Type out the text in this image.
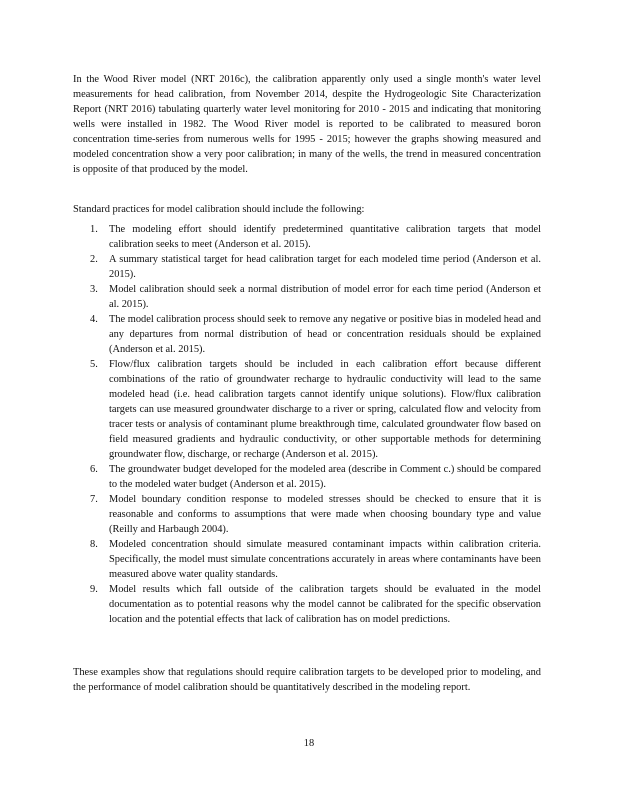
In the Wood River model (NRT 2016c), the calibration apparently only used a single month's water level measurements for head calibration, from November 2014, despite the Hydrogeologic Site Characterization Report (NRT 2016) tabulating quarterly water level monitoring for 2010 - 2015 and indicating that monitoring wells were installed in 1982. The Wood River model is reported to be calibrated to measured boron concentration time-series from numerous wells for 1995 - 2015; however the graphs showing measured and modeled concentration show a very poor calibration; in many of the wells, the trend in measured concentration is opposite of that produced by the model.

Standard practices for model calibration should include the following:

1.	The modeling effort should identify predetermined quantitative calibration targets that model calibration seeks to meet (Anderson et al. 2015).
2.	A summary statistical target for head calibration target for each modeled time period (Anderson et al. 2015).
3.	Model calibration should seek a normal distribution of model error for each time period (Anderson et al. 2015).
4.	The model calibration process should seek to remove any negative or positive bias in modeled head and any departures from normal distribution of head or concentration residuals should be explained (Anderson et al. 2015).
5.	Flow/flux calibration targets should be included in each calibration effort because different combinations of the ratio of groundwater recharge to hydraulic conductivity will lead to the same modeled head (i.e. head calibration targets cannot identify unique solutions). Flow/flux calibration targets can use measured groundwater discharge to a river or spring, calculated flow and velocity from tracer tests or analysis of contaminant plume breakthrough time, calculated groundwater flow based on field measured gradients and hydraulic conductivity, or other supportable methods for determining groundwater flow, discharge, or recharge (Anderson et al. 2015).
6.	The groundwater budget developed for the modeled area (describe in Comment c.) should be compared to the modeled water budget (Anderson et al. 2015).
7.	Model boundary condition response to modeled stresses should be checked to ensure that it is reasonable and conforms to assumptions that were made when choosing boundary type and value (Reilly and Harbaugh 2004).
8.	Modeled concentration should simulate measured contaminant impacts within calibration criteria. Specifically, the model must simulate concentrations accurately in areas where contaminants have been measured above water quality standards.
9.	Model results which fall outside of the calibration targets should be evaluated in the model documentation as to potential reasons why the model cannot be calibrated for the specific observation location and the potential effects that lack of calibration has on model predictions.

These examples show that regulations should require calibration targets to be developed prior to modeling, and the performance of model calibration should be quantitatively described in the modeling report.

18
